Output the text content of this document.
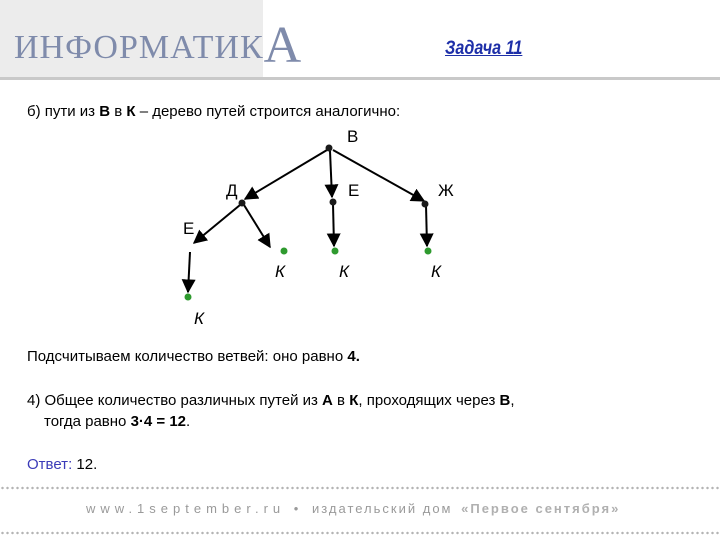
ИНФОРМАТИКА	Задача 11
б) пути из В в К – дерево путей строится аналогично:
В
Д	Е	Ж
Е
К	К	К
К
Подсчитываем количество ветвей: оно равно 4.
4) Общее количество различных путей из А в К, проходящих через В,
тогда равно 3·4 = 12.
Ответ: 12.
www.1september.ru • издательский дом «Первое сентября»
